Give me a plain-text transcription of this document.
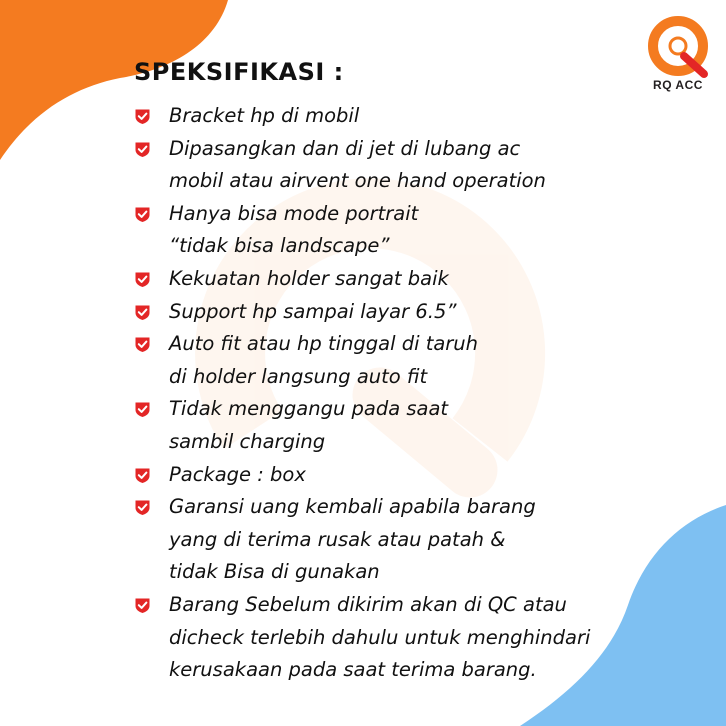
RQ ACC
SPEKSIFIKASI :
Bracket hp di mobil
Dipasangkan dan di jet di lubang ac
mobil atau airvent one hand operation
Hanya bisa mode portrait
“tidak bisa landscape”
Kekuatan holder sangat baik
Support hp sampai layar 6.5”
Auto fit atau hp tinggal di taruh
di holder langsung auto fit
Tidak menggangu pada saat
sambil charging
Package : box
Garansi uang kembali apabila barang
yang di terima rusak atau patah &
tidak Bisa di gunakan
Barang Sebelum dikirim akan di QC atau
dicheck terlebih dahulu untuk menghindari
kerusakaan pada saat terima barang.
